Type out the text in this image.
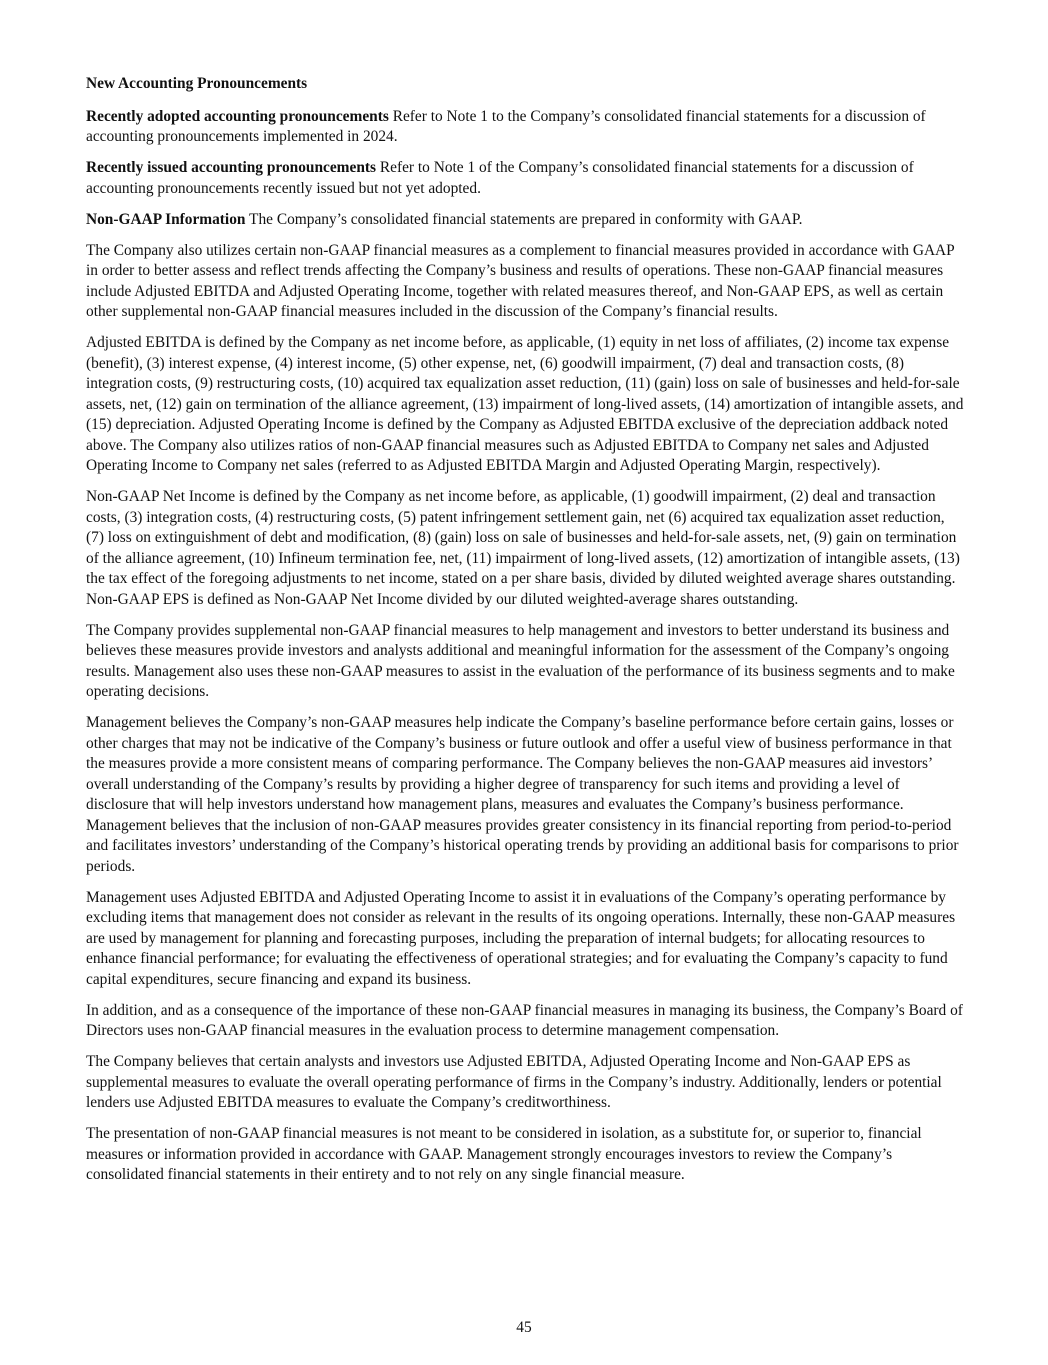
New Accounting Pronouncements

Recently adopted accounting pronouncements Refer to Note 1 to the Company’s consolidated financial statements for a discussion of accounting pronouncements implemented in 2024.

Recently issued accounting pronouncements Refer to Note 1 of the Company’s consolidated financial statements for a discussion of accounting pronouncements recently issued but not yet adopted.

Non-GAAP Information The Company’s consolidated financial statements are prepared in conformity with GAAP.

The Company also utilizes certain non-GAAP financial measures as a complement to financial measures provided in accordance with GAAP in order to better assess and reflect trends affecting the Company’s business and results of operations. These non-GAAP financial measures include Adjusted EBITDA and Adjusted Operating Income, together with related measures thereof, and Non-GAAP EPS, as well as certain other supplemental non-GAAP financial measures included in the discussion of the Company’s financial results.

Adjusted EBITDA is defined by the Company as net income before, as applicable, (1) equity in net loss of affiliates, (2) income tax expense (benefit), (3) interest expense, (4) interest income, (5) other expense, net, (6) goodwill impairment, (7) deal and transaction costs, (8) integration costs, (9) restructuring costs, (10) acquired tax equalization asset reduction, (11) (gain) loss on sale of businesses and held-for-sale assets, net, (12) gain on termination of the alliance agreement, (13) impairment of long-lived assets, (14) amortization of intangible assets, and (15) depreciation. Adjusted Operating Income is defined by the Company as Adjusted EBITDA exclusive of the depreciation addback noted above. The Company also utilizes ratios of non-GAAP financial measures such as Adjusted EBITDA to Company net sales and Adjusted Operating Income to Company net sales (referred to as Adjusted EBITDA Margin and Adjusted Operating Margin, respectively).

Non-GAAP Net Income is defined by the Company as net income before, as applicable, (1) goodwill impairment, (2) deal and transaction costs, (3) integration costs, (4) restructuring costs, (5) patent infringement settlement gain, net (6) acquired tax equalization asset reduction, (7) loss on extinguishment of debt and modification, (8) (gain) loss on sale of businesses and held-for-sale assets, net, (9) gain on termination of the alliance agreement, (10) Infineum termination fee, net, (11) impairment of long-lived assets, (12) amortization of intangible assets, (13) the tax effect of the foregoing adjustments to net income, stated on a per share basis, divided by diluted weighted average shares outstanding. Non-GAAP EPS is defined as Non-GAAP Net Income divided by our diluted weighted-average shares outstanding.

The Company provides supplemental non-GAAP financial measures to help management and investors to better understand its business and believes these measures provide investors and analysts additional and meaningful information for the assessment of the Company’s ongoing results. Management also uses these non-GAAP measures to assist in the evaluation of the performance of its business segments and to make operating decisions.

Management believes the Company’s non-GAAP measures help indicate the Company’s baseline performance before certain gains, losses or other charges that may not be indicative of the Company’s business or future outlook and offer a useful view of business performance in that the measures provide a more consistent means of comparing performance. The Company believes the non-GAAP measures aid investors’ overall understanding of the Company’s results by providing a higher degree of transparency for such items and providing a level of disclosure that will help investors understand how management plans, measures and evaluates the Company’s business performance. Management believes that the inclusion of non-GAAP measures provides greater consistency in its financial reporting from period-to-period and facilitates investors’ understanding of the Company’s historical operating trends by providing an additional basis for comparisons to prior periods.

Management uses Adjusted EBITDA and Adjusted Operating Income to assist it in evaluations of the Company’s operating performance by excluding items that management does not consider as relevant in the results of its ongoing operations. Internally, these non-GAAP measures are used by management for planning and forecasting purposes, including the preparation of internal budgets; for allocating resources to enhance financial performance; for evaluating the effectiveness of operational strategies; and for evaluating the Company’s capacity to fund capital expenditures, secure financing and expand its business.

In addition, and as a consequence of the importance of these non-GAAP financial measures in managing its business, the Company’s Board of Directors uses non-GAAP financial measures in the evaluation process to determine management compensation.

The Company believes that certain analysts and investors use Adjusted EBITDA, Adjusted Operating Income and Non-GAAP EPS as supplemental measures to evaluate the overall operating performance of firms in the Company’s industry. Additionally, lenders or potential lenders use Adjusted EBITDA measures to evaluate the Company’s creditworthiness.

The presentation of non-GAAP financial measures is not meant to be considered in isolation, as a substitute for, or superior to, financial measures or information provided in accordance with GAAP. Management strongly encourages investors to review the Company’s consolidated financial statements in their entirety and to not rely on any single financial measure.

45
